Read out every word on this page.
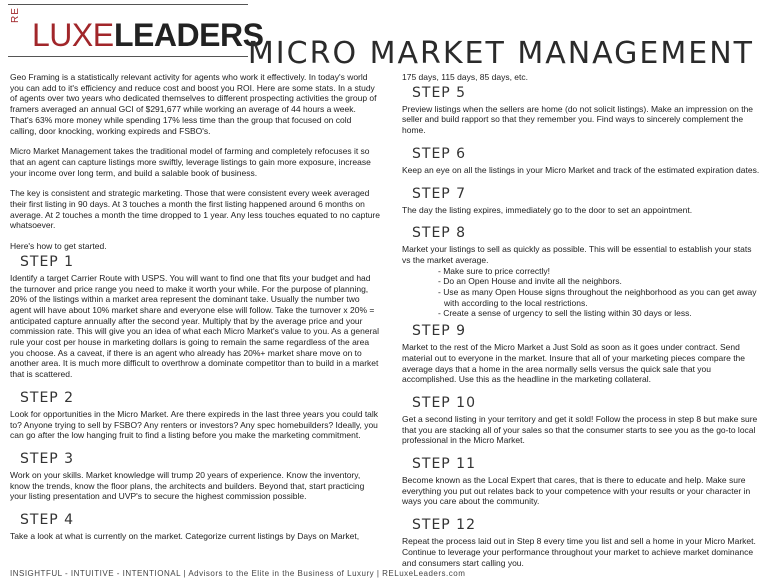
RE
LUXE LEADERS
MICRO MARKET MANAGEMENT

Geo Framing is a statistically relevant activity for agents who work it effectively. In today's world you can add to it's efficiency and reduce cost and boost you ROI. Here are some stats. In a study of agents over two years who dedicated themselves to different prospecting activities the group of framers averaged an annual GCI of $291,677 while working an average of 44 hours a week. That's 63% more money while spending 17% less time than the group that focused on cold calling, door knocking, working expireds and FSBO's.

Micro Market Management takes the traditional model of farming and completely refocuses it so that an agent can capture listings more swiftly, leverage listings to gain more exposure, increase your income over long term, and build a salable book of business.

The key is consistent and strategic marketing. Those that were consistent every week averaged their first listing in 90 days. At 3 touches a month the first listing happened around 6 months on average. At 2 touches a month the time dropped to 1 year. Any less touches equated to no capture whatsoever.

Here's how to get started.

STEP 1

Identify a target Carrier Route with USPS. You will want to find one that fits your budget and had the turnover and price range you need to make it worth your while. For the purpose of planning, 20% of the listings within a market area represent the dominant take. Usually the number two agent will have about 10% market share and everyone else will follow. Take the turnover x 20% = anticipated capture annually after the second year. Multiply that by the average price and your commission rate. This will give you an idea of what each Micro Market's value to you. As a general rule your cost per house in marketing dollars is going to remain the same regardless of the area you choose. As a caveat, if there is an agent who already has 20%+ market share move on to another area. It is much more difficult to overthrow a dominate competitor than to build in a market that is scattered.

STEP 2

Look for opportunities in the Micro Market. Are there expireds in the last three years you could talk to? Anyone trying to sell by FSBO? Any renters or investors? Any spec homebuilders? Ideally, you can go after the low hanging fruit to find a listing before you make the marketing commitment.

STEP 3

Work on your skills. Market knowledge will trump 20 years of experience. Know the inventory, know the trends, know the floor plans, the architects and builders. Beyond that, start practicing your listing presentation and UVP's to secure the highest commission possible.

STEP 4

Take a look at what is currently on the market. Categorize current listings by Days on Market,

175 days, 115 days, 85 days, etc.

STEP 5

Preview listings when the sellers are home (do not solicit listings). Make an impression on the seller and build rapport so that they remember you. Find ways to sincerely complement the home.

STEP 6

Keep an eye on all the listings in your Micro Market and track of the estimated expiration dates.

STEP 7

The day the listing expires, immediately go to the door to set an appointment.

STEP 8

Market your listings to sell as quickly as possible. This will be essential to establish your stats vs the market average.

- Make sure to price correctly!
- Do an Open House and invite all the neighbors.
- Use as many Open House signs throughout the neighborhood as you can get away with according to the local restrictions.
- Create a sense of urgency to sell the listing within 30 days or less.
STEP 9

Market to the rest of the Micro Market a Just Sold as soon as it goes under contract. Send material out to everyone in the market. Insure that all of your marketing pieces compare the average days that a home in the area normally sells versus the quick sale that you accomplished. Use this as the headline in the marketing collateral.

STEP 10

Get a second listing in your territory and get it sold! Follow the process in step 8 but make sure that you are stacking all of your sales so that the consumer starts to see you as the go-to local professional in the Micro Market.

STEP 11

Become known as the Local Expert that cares, that is there to educate and help. Make sure everything you put out relates back to your competence with your results or your character in ways you care about the community.

STEP 12

Repeat the process laid out in Step 8 every time you list and sell a home in your Micro Market. Continue to leverage your performance throughout your market to achieve market dominance and consumers start calling you.

INSIGHTFUL - INTUITIVE - INTENTIONAL | Advisors to the Elite in the Business of Luxury | RELuxeLeaders.com
